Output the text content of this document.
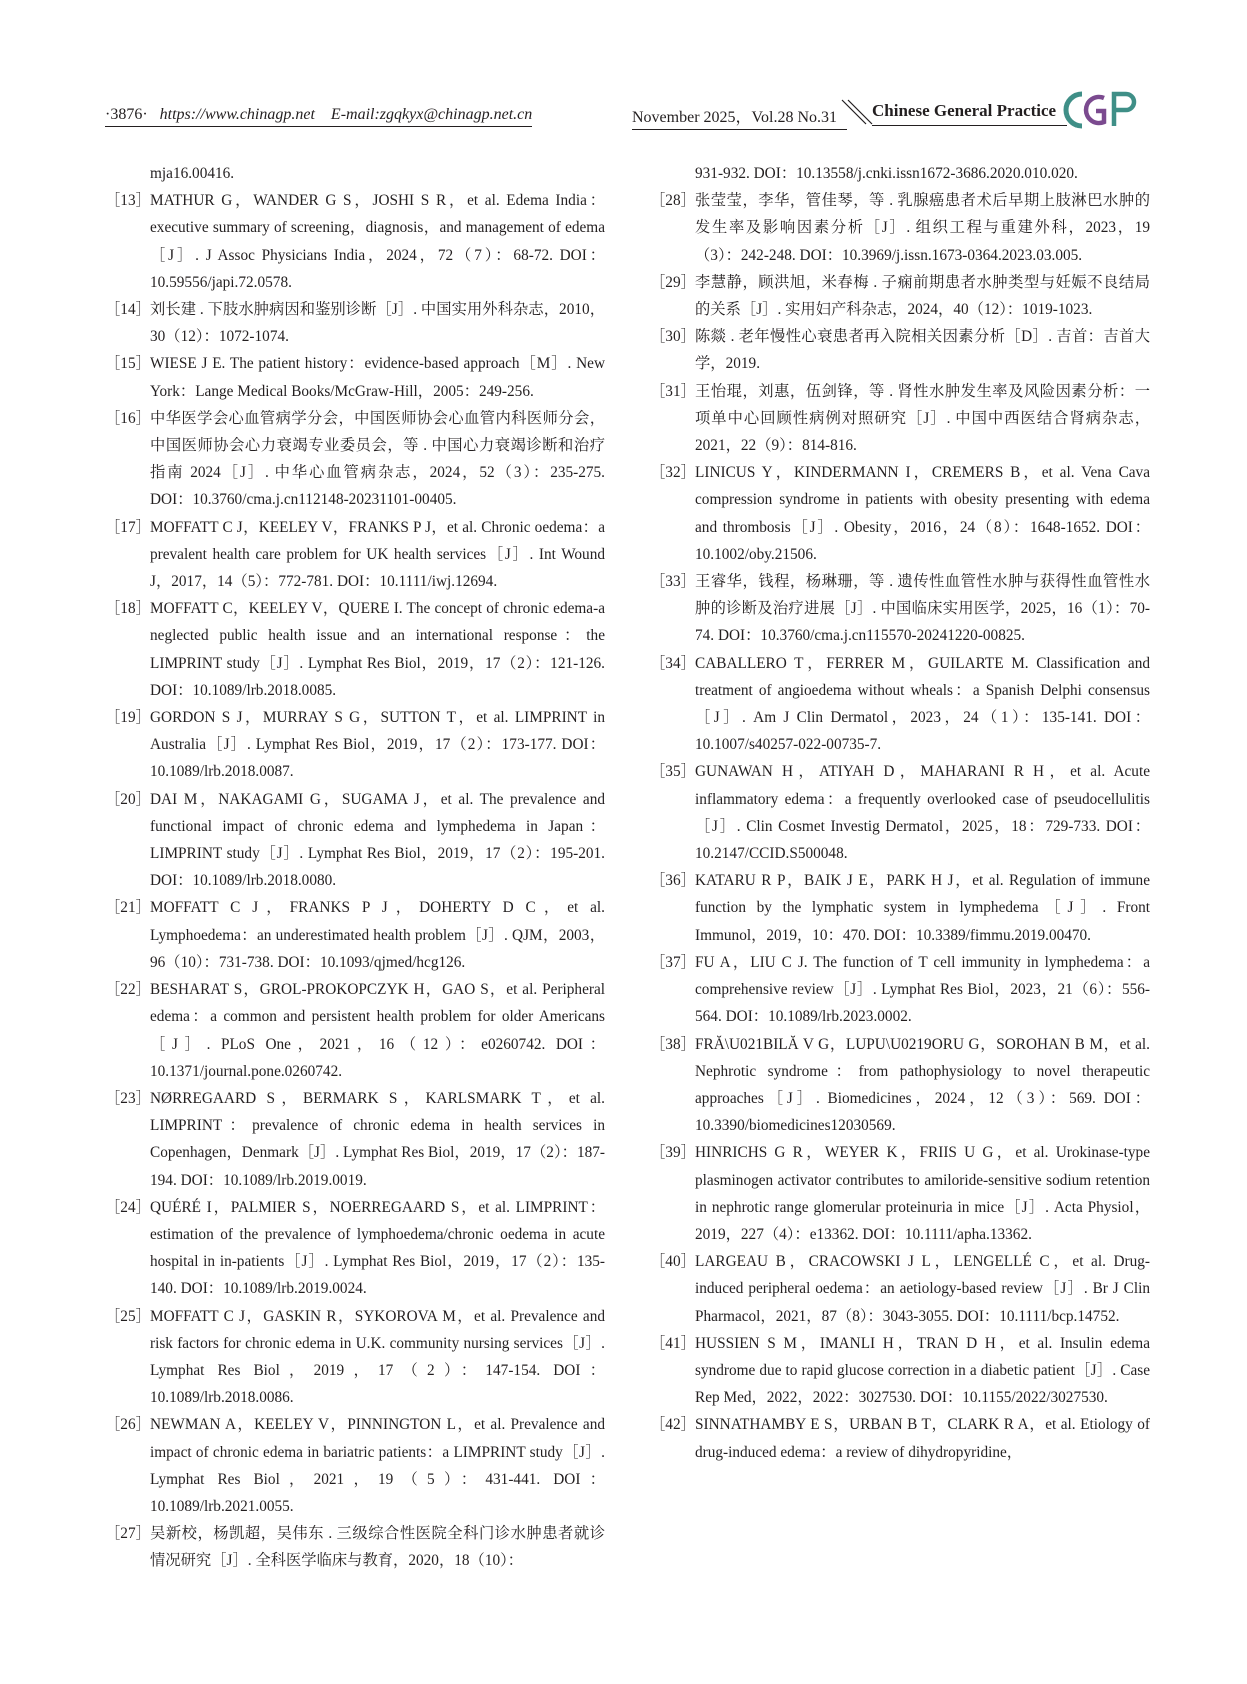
·3876· https://www.chinagp.net E-mail:zgqkyx@chinagp.net.cn	November 2025，Vol.28 No.31	Chinese General Practice

mja16.00416.

［13］ MATHUR G，WANDER G S，JOSHI S R，et al. Edema India：executive summary of screening，diagnosis，and management of edema［J］. J Assoc Physicians India，2024，72（7）：68-72. DOI：10.59556/japi.72.0578.

［14］ 刘长建 . 下肢水肿病因和鉴别诊断［J］. 中国实用外科杂志，2010，30（12）：1072-1074.

［15］ WIESE J E. The patient history：evidence-based approach［M］. New York：Lange Medical Books/McGraw-Hill，2005：249-256.

［16］ 中华医学会心血管病学分会，中国医师协会心血管内科医师分会，中国医师协会心力衰竭专业委员会，等 . 中国心力衰竭诊断和治疗指南 2024［J］. 中华心血管病杂志，2024，52（3）：235-275. DOI：10.3760/cma.j.cn112148-20231101-00405.

［17］ MOFFATT C J，KEELEY V，FRANKS P J，et al. Chronic oedema：a prevalent health care problem for UK health services［J］. Int Wound J，2017，14（5）：772-781. DOI：10.1111/iwj.12694.

［18］ MOFFATT C，KEELEY V，QUERE I. The concept of chronic edema-a neglected public health issue and an international response：the LIMPRINT study［J］. Lymphat Res Biol，2019，17（2）：121-126. DOI：10.1089/lrb.2018.0085.

［19］ GORDON S J，MURRAY S G，SUTTON T，et al. LIMPRINT in Australia［J］. Lymphat Res Biol，2019，17（2）：173-177. DOI：10.1089/lrb.2018.0087.

［20］ DAI M，NAKAGAMI G，SUGAMA J，et al. The prevalence and functional impact of chronic edema and lymphedema in Japan：LIMPRINT study［J］. Lymphat Res Biol，2019，17（2）：195-201. DOI：10.1089/lrb.2018.0080.

［21］ MOFFATT C J，FRANKS P J，DOHERTY D C，et al. Lymphoedema：an underestimated health problem［J］. QJM，2003，96（10）：731-738. DOI：10.1093/qjmed/hcg126.

［22］ BESHARAT S，GROL-PROKOPCZYK H，GAO S，et al. Peripheral edema：a common and persistent health problem for older Americans［J］. PLoS One，2021，16（12）：e0260742. DOI：10.1371/journal.pone.0260742.

［23］ NØRREGAARD S，BERMARK S，KARLSMARK T，et al. LIMPRINT：prevalence of chronic edema in health services in Copenhagen，Denmark［J］. Lymphat Res Biol，2019，17（2）：187-194. DOI：10.1089/lrb.2019.0019.

［24］ QUÉRÉ I，PALMIER S，NOERREGAARD S，et al. LIMPRINT：estimation of the prevalence of lymphoedema/chronic oedema in acute hospital in in-patients［J］. Lymphat Res Biol，2019，17（2）：135-140. DOI：10.1089/lrb.2019.0024.

［25］ MOFFATT C J，GASKIN R，SYKOROVA M，et al. Prevalence and risk factors for chronic edema in U.K. community nursing services［J］. Lymphat Res Biol，2019，17（2）：147-154. DOI：10.1089/lrb.2018.0086.

［26］ NEWMAN A，KEELEY V，PINNINGTON L，et al. Prevalence and impact of chronic edema in bariatric patients：a LIMPRINT study［J］. Lymphat Res Biol，2021，19（5）：431-441. DOI：10.1089/lrb.2021.0055.

［27］ 吴新校，杨凯超，吴伟东 . 三级综合性医院全科门诊水肿患者就诊情况研究［J］. 全科医学临床与教育，2020，18（10）：

931-932. DOI：10.13558/j.cnki.issn1672-3686.2020.010.020.

［28］ 张莹莹，李华，管佳琴，等 . 乳腺癌患者术后早期上肢淋巴水肿的发生率及影响因素分析［J］. 组织工程与重建外科，2023，19（3）：242-248. DOI：10.3969/j.issn.1673-0364.2023.03.005.

［29］ 李慧静，顾洪旭，米春梅 . 子痫前期患者水肿类型与妊娠不良结局的关系［J］. 实用妇产科杂志，2024，40（12）：1019-1023.

［30］ 陈燚 . 老年慢性心衰患者再入院相关因素分析［D］. 吉首：吉首大学，2019.

［31］ 王怡琨，刘惠，伍剑锋，等 . 肾性水肿发生率及风险因素分析：一项单中心回顾性病例对照研究［J］. 中国中西医结合肾病杂志，2021，22（9）：814-816.

［32］ LINICUS Y，KINDERMANN I，CREMERS B，et al. Vena Cava compression syndrome in patients with obesity presenting with edema and thrombosis［J］. Obesity，2016，24（8）：1648-1652. DOI：10.1002/oby.21506.

［33］ 王睿华，钱程，杨琳珊，等 . 遗传性血管性水肿与获得性血管性水肿的诊断及治疗进展［J］. 中国临床实用医学，2025，16（1）：70-74. DOI：10.3760/cma.j.cn115570-20241220-00825.

［34］ CABALLERO T，FERRER M，GUILARTE M. Classification and treatment of angioedema without wheals：a Spanish Delphi consensus［J］. Am J Clin Dermatol，2023，24（1）：135-141. DOI：10.1007/s40257-022-00735-7.

［35］ GUNAWAN H，ATIYAH D，MAHARANI R H，et al. Acute inflammatory edema：a frequently overlooked case of pseudocellulitis［J］. Clin Cosmet Investig Dermatol，2025，18：729-733. DOI：10.2147/CCID.S500048.

［36］ KATARU R P，BAIK J E，PARK H J，et al. Regulation of immune function by the lymphatic system in lymphedema［J］. Front Immunol，2019，10：470. DOI：10.3389/fimmu.2019.00470.

［37］ FU A，LIU C J. The function of T cell immunity in lymphedema：a comprehensive review［J］. Lymphat Res Biol，2023，21（6）：556-564. DOI：10.1089/lrb.2023.0002.

［38］ FRĂ\U021BILĂ V G，LUPU\U0219ORU G，SOROHAN B M，et al. Nephrotic syndrome：from pathophysiology to novel therapeutic approaches［J］. Biomedicines，2024，12（3）：569. DOI：10.3390/biomedicines12030569.

［39］ HINRICHS G R，WEYER K，FRIIS U G，et al. Urokinase-type plasminogen activator contributes to amiloride-sensitive sodium retention in nephrotic range glomerular proteinuria in mice［J］. Acta Physiol，2019，227（4）：e13362. DOI：10.1111/apha.13362.

［40］ LARGEAU B，CRACOWSKI J L，LENGELLÉ C，et al. Drug-induced peripheral oedema：an aetiology-based review［J］. Br J Clin Pharmacol，2021，87（8）：3043-3055. DOI：10.1111/bcp.14752.

［41］ HUSSIEN S M，IMANLI H，TRAN D H，et al. Insulin edema syndrome due to rapid glucose correction in a diabetic patient［J］. Case Rep Med，2022，2022：3027530. DOI：10.1155/2022/3027530.

［42］ SINNATHAMBY E S，URBAN B T，CLARK R A，et al. Etiology of drug-induced edema：a review of dihydropyridine，
